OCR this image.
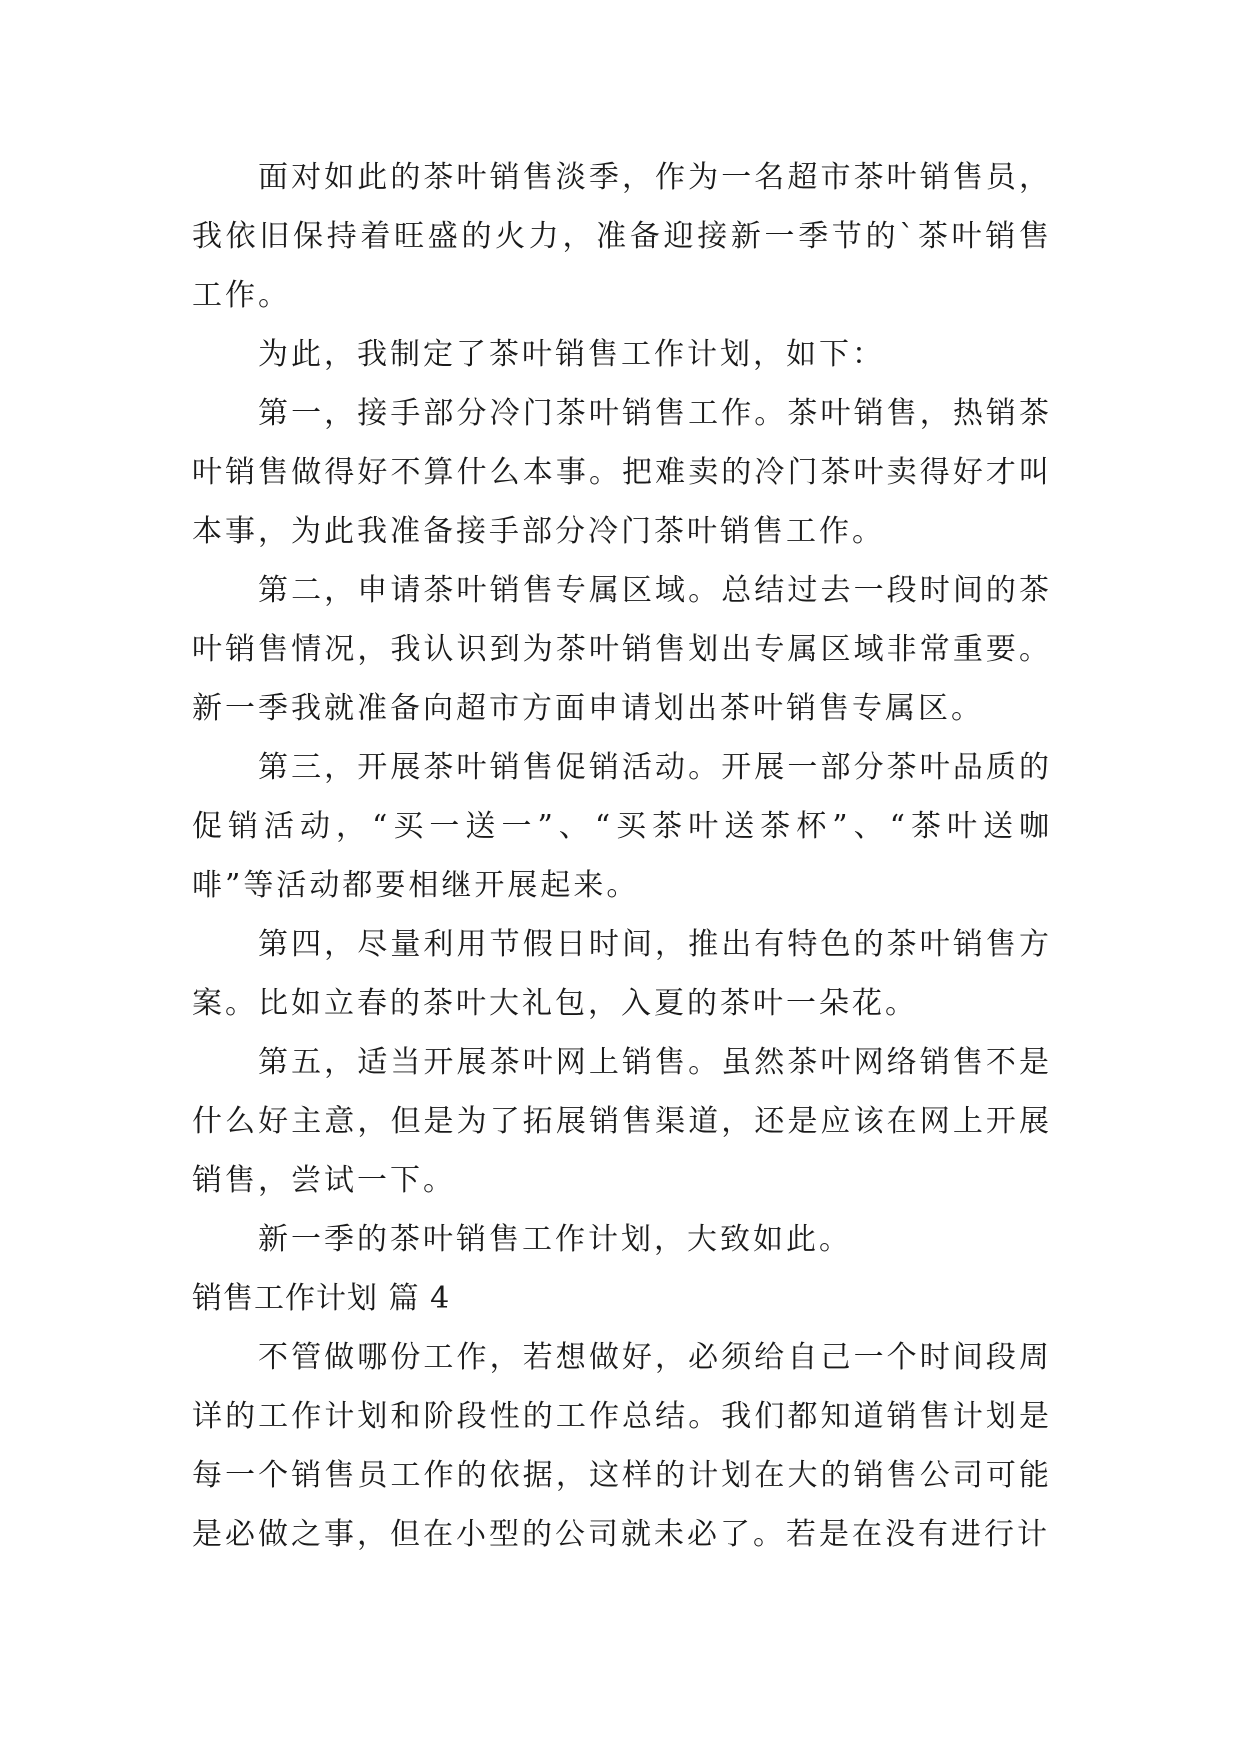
面对如此的茶叶销售淡季，作为一名超市茶叶销售员，我依旧保持着旺盛的火力，准备迎接新一季节的`茶叶销售工作。

为此，我制定了茶叶销售工作计划，如下：

第一，接手部分冷门茶叶销售工作。茶叶销售，热销茶叶销售做得好不算什么本事。把难卖的冷门茶叶卖得好才叫本事，为此我准备接手部分冷门茶叶销售工作。

第二，申请茶叶销售专属区域。总结过去一段时间的茶叶销售情况，我认识到为茶叶销售划出专属区域非常重要。新一季我就准备向超市方面申请划出茶叶销售专属区。

第三，开展茶叶销售促销活动。开展一部分茶叶品质的促销活动，“买一送一”、“买茶叶送茶杯”、“茶叶送咖啡”等活动都要相继开展起来。

第四，尽量利用节假日时间，推出有特色的茶叶销售方案。比如立春的茶叶大礼包，入夏的茶叶一朵花。

第五，适当开展茶叶网上销售。虽然茶叶网络销售不是什么好主意，但是为了拓展销售渠道，还是应该在网上开展销售，尝试一下。

新一季的茶叶销售工作计划，大致如此。

销售工作计划 篇 4

不管做哪份工作，若想做好，必须给自己一个时间段周详的工作计划和阶段性的工作总结。我们都知道销售计划是每一个销售员工作的依据，这样的计划在大的销售公司可能是必做之事，但在小型的公司就未必了。若是在没有进行计
